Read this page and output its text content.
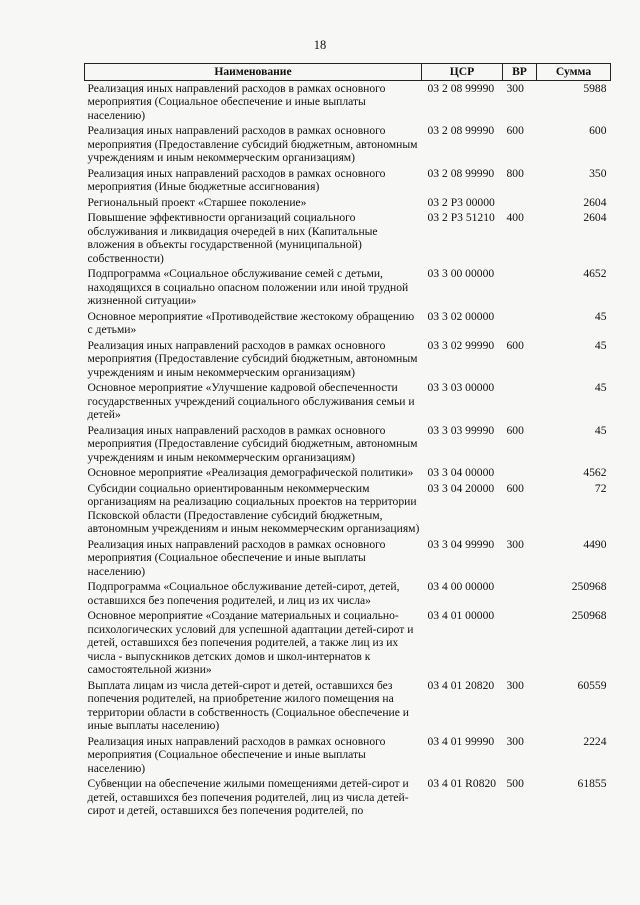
18
Наименование	ЦСР	ВР	Сумма
Реализация иных направлений расходов в рамках основного мероприятия (Социальное обеспечение и иные выплаты населению)	03 2 08 99990	300	5988
Реализация иных направлений расходов в рамках основного мероприятия (Предоставление субсидий бюджетным, автономным учреждениям и иным некоммерческим организациям)	03 2 08 99990	600	600
Реализация иных направлений расходов в рамках основного мероприятия (Иные бюджетные ассигнования)	03 2 08 99990	800	350
Региональный проект «Старшее поколение»	03 2 P3 00000		2604
Повышение эффективности организаций социального обслуживания и ликвидация очередей в них (Капитальные вложения в объекты государственной (муниципальной) собственности)	03 2 P3 51210	400	2604
Подпрограмма «Социальное обслуживание семей с детьми, находящихся в социально опасном положении или иной трудной жизненной ситуации»	03 3 00 00000		4652
Основное мероприятие «Противодействие жестокому обращению с детьми»	03 3 02 00000		45
Реализация иных направлений расходов в рамках основного мероприятия (Предоставление субсидий бюджетным, автономным учреждениям и иным некоммерческим организациям)	03 3 02 99990	600	45
Основное мероприятие «Улучшение кадровой обеспеченности государственных учреждений социального обслуживания семьи и детей»	03 3 03 00000		45
Реализация иных направлений расходов в рамках основного мероприятия (Предоставление субсидий бюджетным, автономным учреждениям и иным некоммерческим организациям)	03 3 03 99990	600	45
Основное мероприятие «Реализация демографической политики»	03 3 04 00000		4562
Субсидии социально ориентированным некоммерческим организациям на реализацию социальных проектов на территории Псковской области (Предоставление субсидий бюджетным, автономным учреждениям и иным некоммерческим организациям)	03 3 04 20000	600	72
Реализация иных направлений расходов в рамках основного мероприятия (Социальное обеспечение и иные выплаты населению)	03 3 04 99990	300	4490
Подпрограмма «Социальное обслуживание детей-сирот, детей, оставшихся без попечения родителей, и лиц из их числа»	03 4 00 00000		250968
Основное мероприятие «Создание материальных и социально-психологических условий для успешной адаптации детей-сирот и детей, оставшихся без попечения родителей, а также лиц из их числа - выпускников детских домов и школ-интернатов к самостоятельной жизни»	03 4 01 00000		250968
Выплата лицам из числа детей-сирот и детей, оставшихся без попечения родителей, на приобретение жилого помещения на территории области в собственность (Социальное обеспечение и иные выплаты населению)	03 4 01 20820	300	60559
Реализация иных направлений расходов в рамках основного мероприятия (Социальное обеспечение и иные выплаты населению)	03 4 01 99990	300	2224
Субвенции на обеспечение жилыми помещениями детей-сирот и детей, оставшихся без попечения родителей, лиц из числа детей-сирот и детей, оставшихся без попечения родителей, по	03 4 01 R0820	500	61855
